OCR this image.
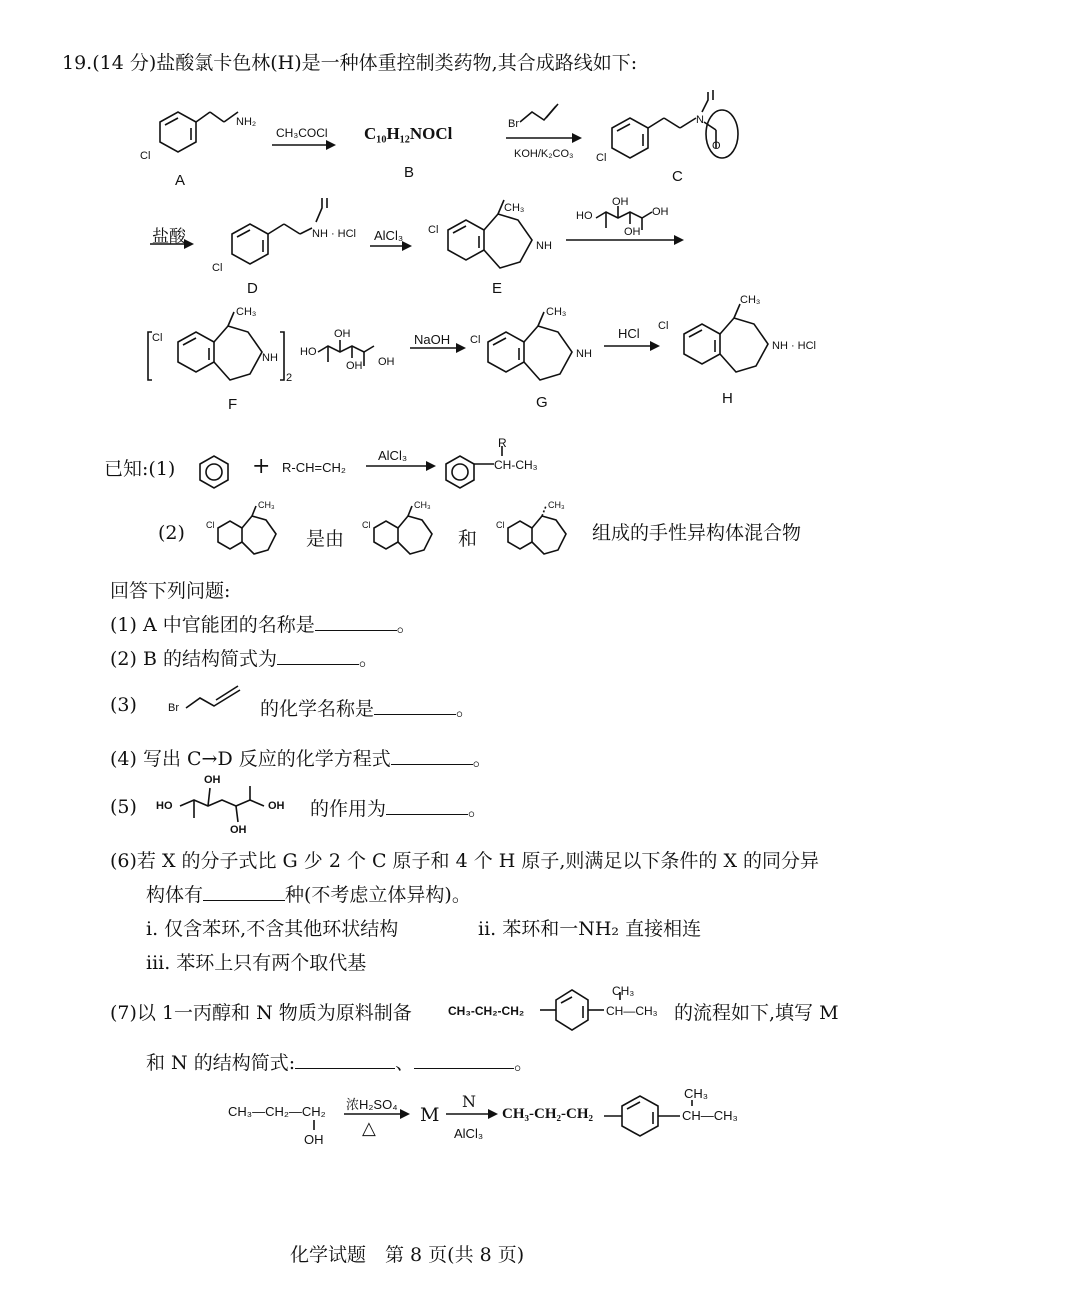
19.(14 分)盐酸氯卡色林(H)是一种体重控制类药物,其合成路线如下:
NH₂
Cl
A
CH₃COCl C₁₀H₁₂NOCl
B
Br
KOH/K₂CO₃ Cl
N
O
C
盐酸
Cl
NH · HCl
D
AlCl₃ Cl
CH₃
NH
E
HO
OH
OH
OH
Cl
CH₃
NH
2
HO
OH
OH
OH
F
NaOH Cl
CH₃
NH
G
HCl Cl
CH₃
NH · HCl
H
已知:(1)	+ R-CH=CH₂
AlCl₃
R
CH-CH₃
(2) Cl
CH₃
是由
Cl
CH₃
和
Cl
CH₃
组成的手性异构体混合物
回答下列问题:
(1) A 中官能团的名称是	。
(2) B 的结构简式为	。
(3)	Br	的化学名称是	。
(4) 写出 C→D 反应的化学方程式	。
(5) HO
OH
OH
OH
的作用为	。
(6)若 X 的分子式比 G 少 2 个 C 原子和 4 个 H 原子,则满足以下条件的 X 的同分异
构体有	种(不考虑立体异构)。
i. 仅含苯环,不含其他环状结构	ii. 苯环和一NH₂ 直接相连
iii. 苯环上只有两个取代基
(7)以 1一丙醇和 N 物质为原料制备	CH₃-CH₂-CH₂
CH₃
CH—CH₃ 的流程如下,填写 M
和 N 的结构简式:	、	。
CH₃—CH₂—CH₂
OH
浓H₂SO₄
△
M
N
AlCl₃
CH₃-CH₂-CH₂
CH₃
CH—CH₃
化学试题　第 8 页(共 8 页)
